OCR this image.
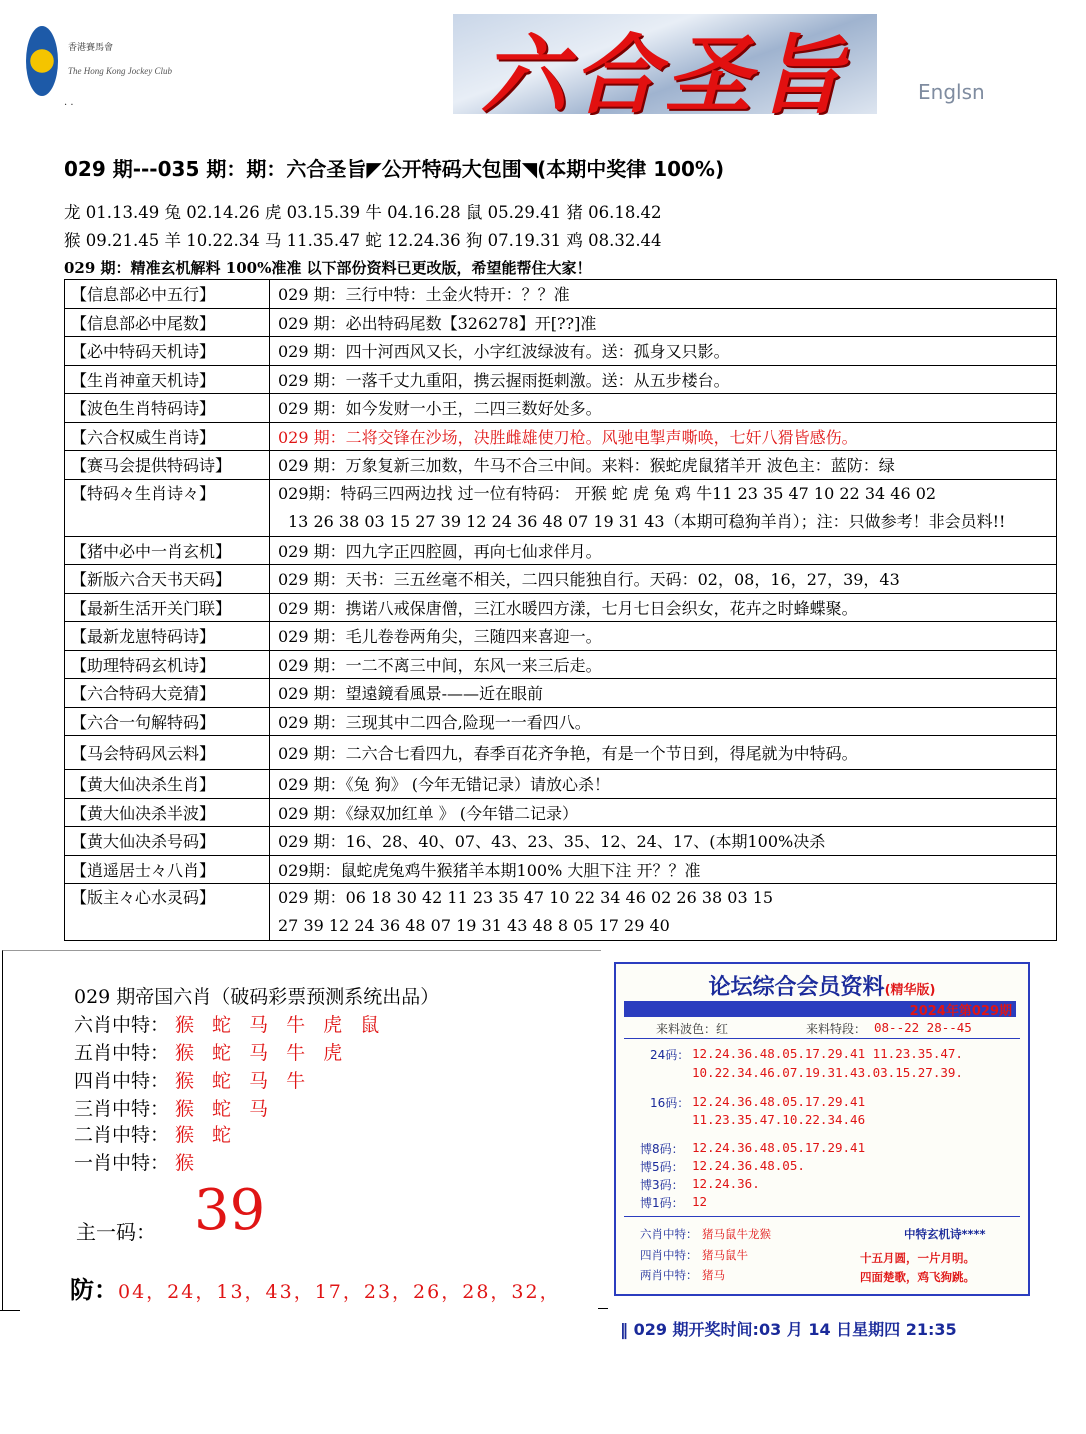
香港賽馬會
The Hong Kong Jockey Club
· ·	六合圣旨	Englsn
029 期---035 期：期：六合圣旨◤公开特码大包围◥(本期中奖律 100%)
龙 01.13.49 兔 02.14.26 虎 03.15.39 牛 04.16.28 鼠 05.29.41 猪 06.18.42
猴 09.21.45 羊 10.22.34 马 11.35.47 蛇 12.24.36 狗 07.19.31 鸡 08.32.44
029 期：精准玄机解料 100%准准 以下部份资料已更改版，希望能帮住大家！
【信息部必中五行】	029 期：三行中特：土金火特开：？？准
【信息部必中尾数】	029 期：必出特码尾数【326278】开[??]准
【必中特码天机诗】	029 期：四十河西风又长，小字红波绿波有。送：孤身又只影。
【生肖神童天机诗】	029 期：一落千丈九重阳，携云握雨挺刺激。送：从五步楼台。
【波色生肖特码诗】	029 期：如今发财一小王，二四三数好处多。
【六合权威生肖诗】	029 期：二将交锋在沙场，决胜雌雄使刀枪。风驰电掣声嘶唤，七奸八猾皆感伤。
【赛马会提供特码诗】	029 期：万象复新三加数，牛马不合三中间。来料：猴蛇虎鼠猪羊开 波色主：蓝防：绿

【特码々生肖诗々】	029期：特码三四两边找 过一位有特码： 开猴 蛇 虎 兔 鸡 牛11 23 35 47 10 22 34 46 02
13 26 38 03 15 27 39 12 24 36 48 07 19 31 43（本期可稳狗羊肖）；注：只做参考！非会员料!!

【猪中必中一肖玄机】	029 期：四九字正四腔圆，再向七仙求伴月。
【新版六合天书天码】	029 期：天书：三五丝毫不相关，二四只能独自行。天码：02，08，16，27，39，43
【最新生活开关门联】	029 期：携诺八戒保唐僧，三江水暖四方漾，七月七日会织女，花卉之时蜂蝶聚。
【最新龙崽特码诗】	029 期：毛儿卷卷两角尖，三随四来喜迎一。
【助理特码玄机诗】	029 期：一二不离三中间，东风一来三后走。
【六合特码大竞猜】	029 期：望遠鏡看風景-——近在眼前
【六合一句解特码】	029 期：三现其中二四合,险现一一看四八。
【马会特码风云料】	029 期：二六合七看四九，春季百花齐争艳，有是一个节日到，得尾就为中特码。
【黄大仙决杀生肖】	029 期：《兔 狗》 (今年无错记录）请放心杀！
【黄大仙决杀半波】	029 期：《绿双加红单 》 (今年错二记录）
【黄大仙决杀号码】	029 期：16、28、40、07、43、23、35、12、24、17、(本期100%决杀
【逍遥居士々八肖】	029期：鼠蛇虎兔鸡牛猴猪羊本期100% 大胆下注 开？？准

【版主々心水灵码】	029 期：06 18 30 42 11 23 35 47 10 22 34 46 02 26 38 03 15
27 39 12 24 36 48 07 19 31 43 48 8 05 17 29 40
029 期帝国六肖（破码彩票预测系统出品）
六肖中特： 猴 蛇 马 牛 虎 鼠
五肖中特： 猴 蛇 马 牛 虎
四肖中特： 猴 蛇 马 牛
三肖中特： 猴 蛇 马
二肖中特： 猴 蛇
一肖中特： 猴
主一码： 39
防：04，24，13，43，17，23，26，28，32，
论坛综合会员资料(精华版)
2024年第029期
来料波色：红	来料特段： 08--22 28--45
24码： 12.24.36.48.05.17.29.41 11.23.35.47.
10.22.34.46.07.19.31.43.03.15.27.39.
16码： 12.24.36.48.05.17.29.41
11.23.35.47.10.22.34.46
博8码： 12.24.36.48.05.17.29.41
博5码： 12.24.36.48.05.
博3码： 12.24.36.
博1码： 12
六肖中特： 猪马鼠牛龙猴
四肖中特： 猪马鼠牛
两肖中特： 猪马
中特玄机诗****
十五月圆，一片月明。
四面楚歌，鸡飞狗跳。
‖ 029 期开奖时间:03 月 14 日星期四 21:35
